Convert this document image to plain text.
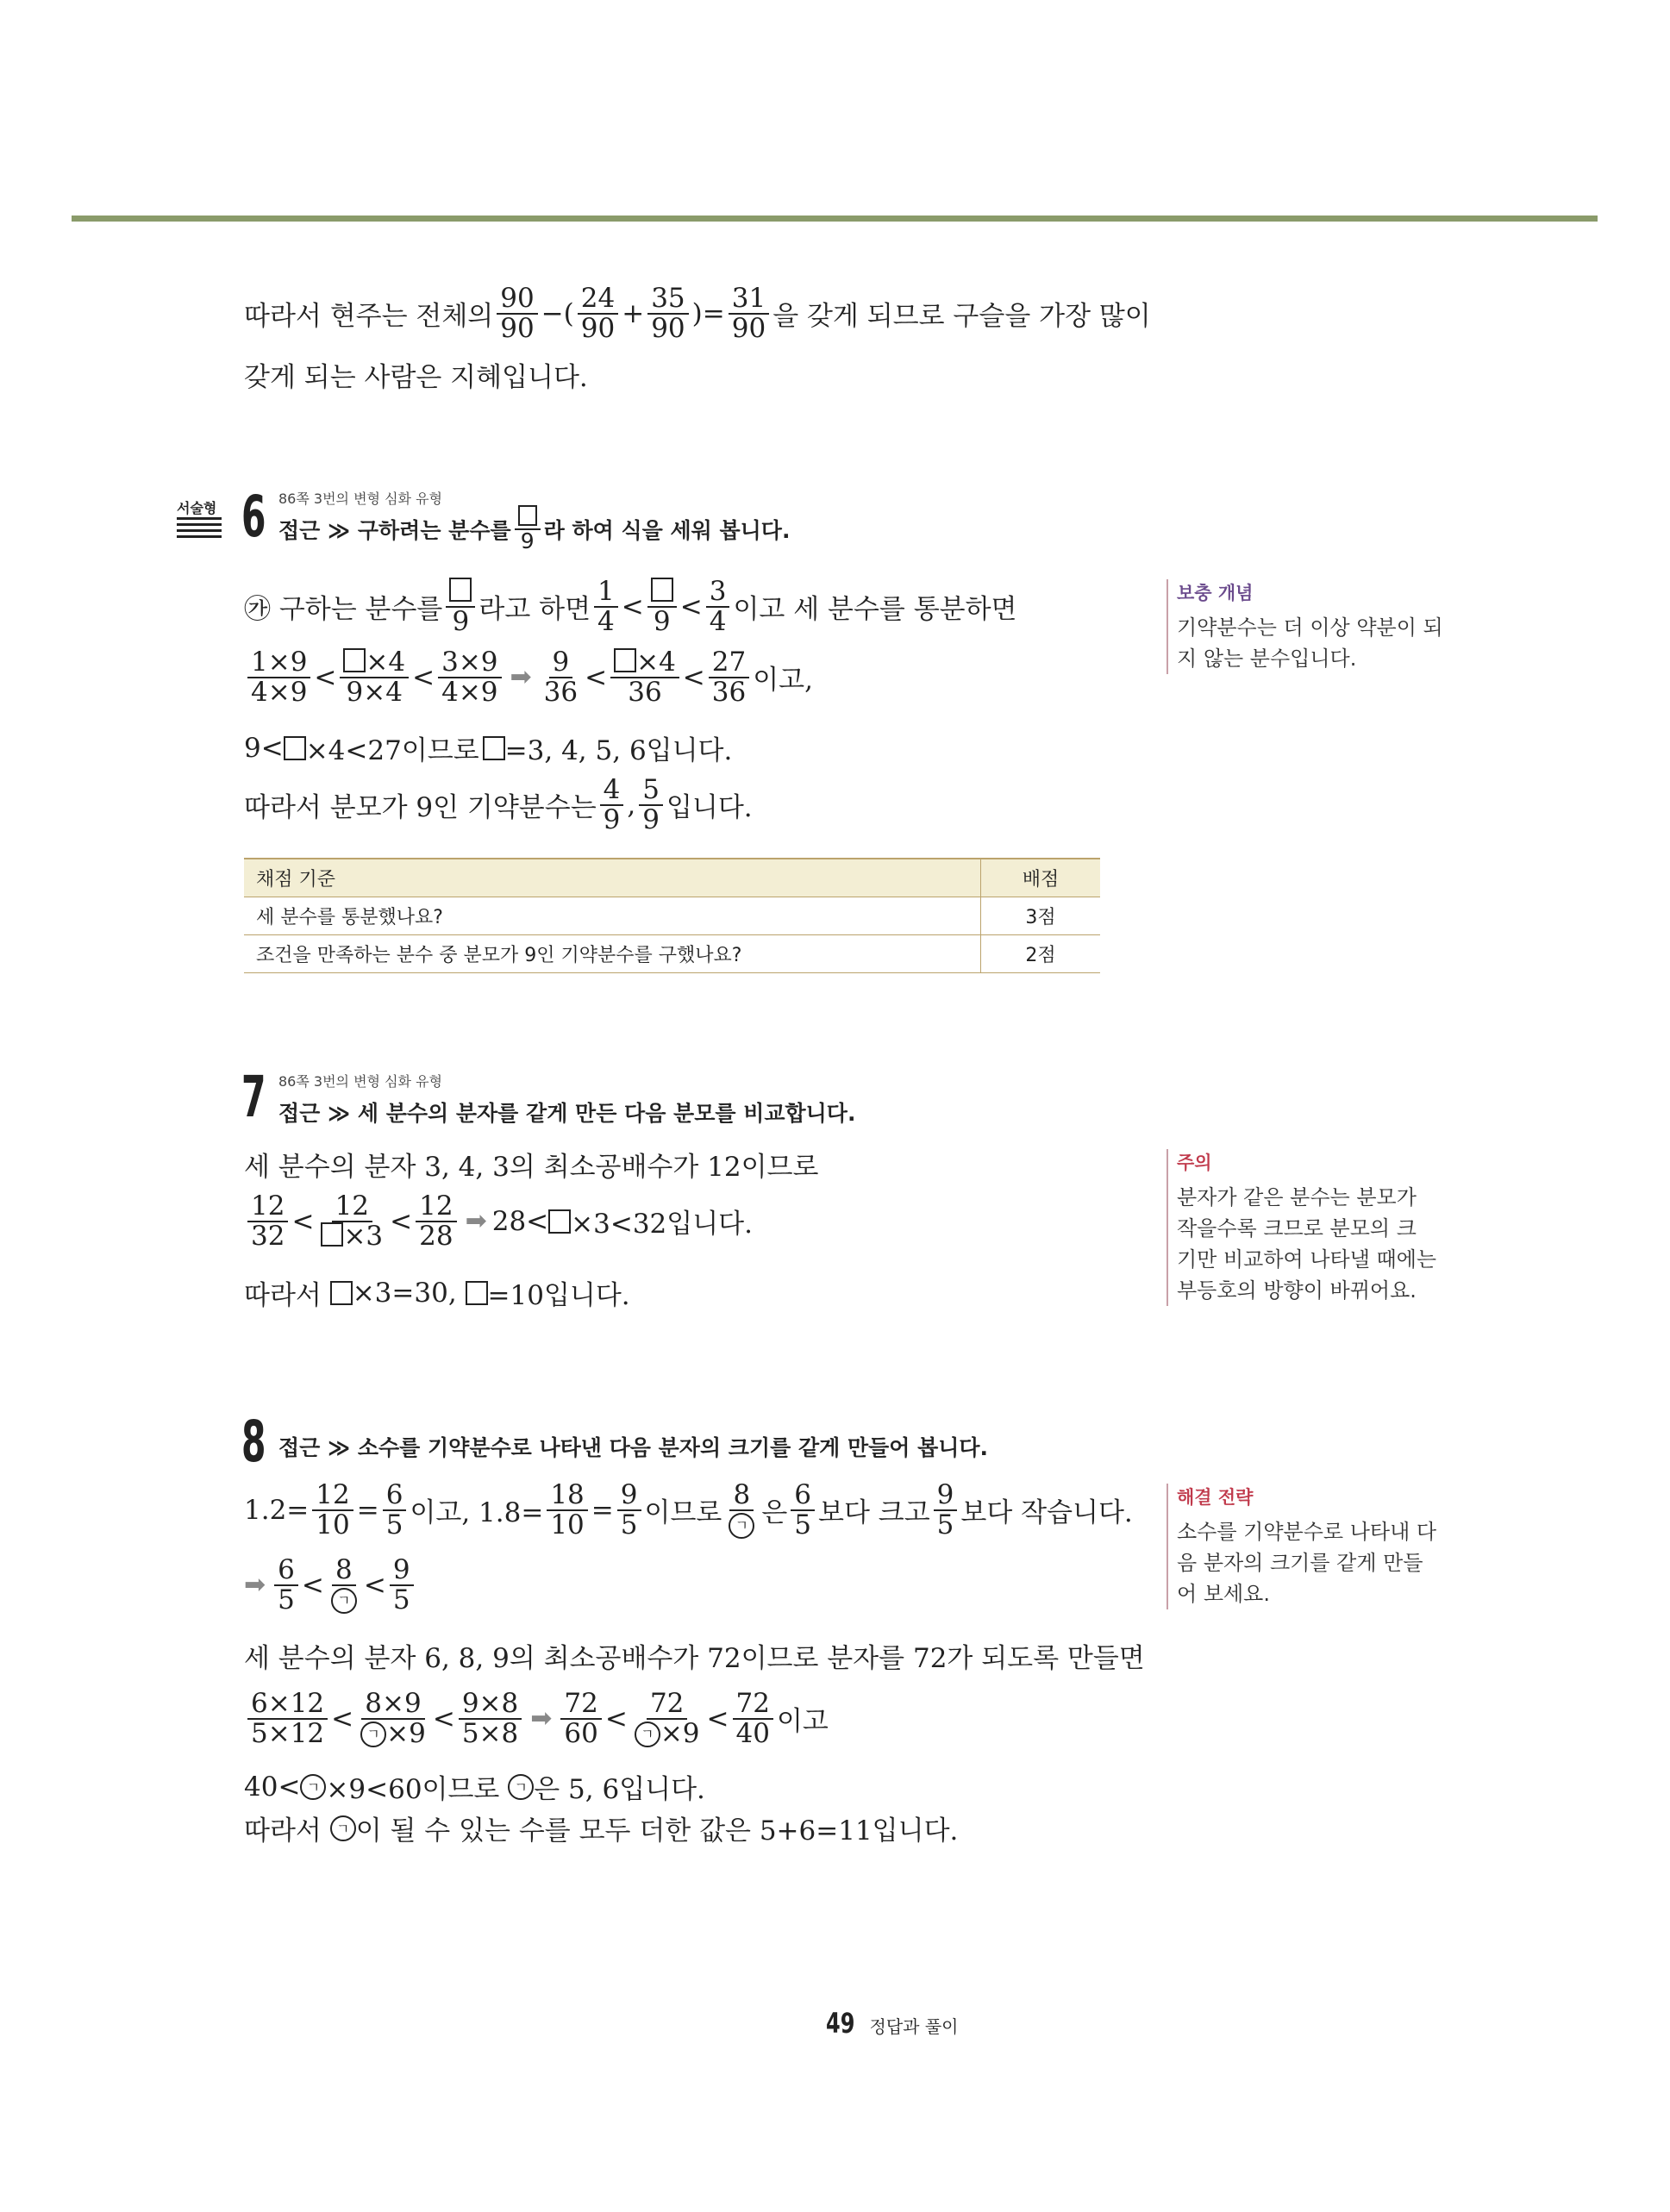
따라서 현주는 전체의 $\frac{90}{90}$ −( $\frac{24}{90} + \frac{35}{90}$ )= $\frac{31}{90}$ 을 갖게 되므로 구슬을 가장 많이
갖게 되는 사람은 지혜입니다.
서술형 6 86쪽 3번의 변형 심화 유형
접근 ≫ 구하려는 분수를 9 라 하여 식을 세워 봅니다.
㉮ 구하는 분수를 9 라고 하면 $\frac{1}{4} < 9 < \frac{3}{4}$ 이고 세 분수를 통분하면
$\frac{1\times 9}{4\times 9} < \frac{\times 4}{9\times 4} < \frac{3\times 9}{4\times 9}$ ➡ $\frac{9}{36} < \frac{\times 4}{36} < \frac{27}{36}$ 이고,
9< ×4<27이므로 =3, 4, 5, 6입니다.
따라서 분모가 9인 기약분수는 $\frac{4}{9}$ , $\frac{5}{9}$ 입니다.
채점 기준	배점
세 분수를 통분했나요?	3점
조건을 만족하는 분수 중 분모가 9인 기약분수를 구했나요?	2점
보충 개념
기약분수는 더 이상 약분이 되
지 않는 분수입니다.
7 86쪽 3번의 변형 심화 유형
접근 ≫ 세 분수의 분자를 같게 만든 다음 분모를 비교합니다.
세 분수의 분자 3, 4, 3의 최소공배수가 12이므로
$\frac{12}{32} < \frac{12}{\times 3} < \frac{12}{28}$ ➡ 28< ×3<32입니다.
따라서
×3=30,
=10입니다.
주의
분자가 같은 분수는 분모가
작을수록 크므로 분모의 크
기만 비교하여 나타낼 때에는
부등호의 방향이 바뀌어요.
8 접근 ≫ 소수를 기약분수로 나타낸 다음 분자의 크기를 같게 만들어 봅니다.
$1.2= \frac{12}{10} = \frac{6}{5}$ 이고, $1.8= \frac{18}{10} = \frac{9}{5}$ 이므로 $\frac{8}{\text{ㄱ}}$ 은 $\frac{6}{5}$ 보다 크고 $\frac{9}{5}$ 보다 작습니다.
➡ $\frac{6}{5} < \frac{8}{\text{ㄱ}} < \frac{9}{5}$
세 분수의 분자 6, 8, 9의 최소공배수가 72이므로 분자를 72가 되도록 만들면
$\frac{6\times 12}{5\times 12} < \frac{8\times 9}{\text{ㄱ ×9}} < \frac{9\times 8}{5\times 8}$ ➡ $\frac{72}{60} < \frac{72}{\text{ㄱ ×9}} < \frac{72}{40}$ 이고
40< ㄱ ×9<60이므로
	ㄱ 은 5, 6입니다.
따라서
	ㄱ 이 될 수 있는 수를 모두 더한 값은 5+6=11입니다.
해결 전략
소수를 기약분수로 나타내 다
음 분자의 크기를 같게 만들
어 보세요.
49 정답과 풀이
